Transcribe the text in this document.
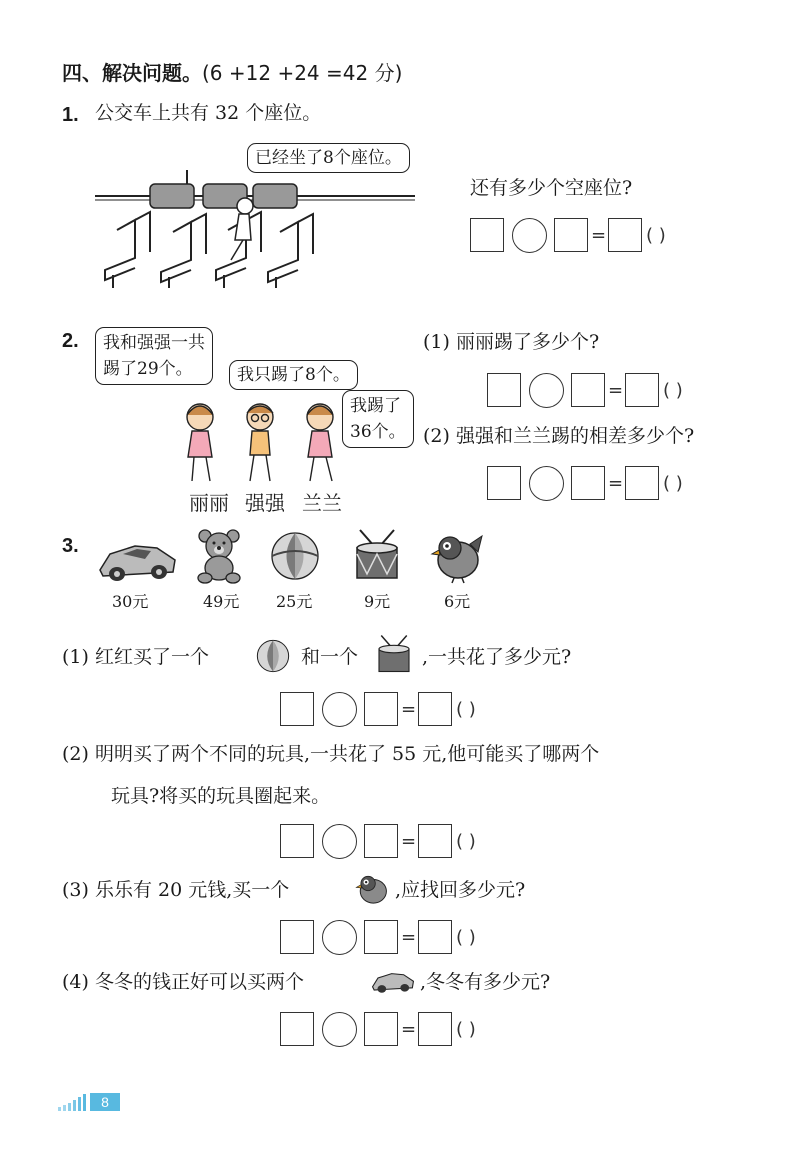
四、解决问题。(6 +12 +24 =42 分)
1. 公交车上共有 32 个座位。
已经坐了8个座位。
还有多少个空座位?
= ( )
2. 我和强强一共
踢了29个。	我只踢了8个。
我踢了
36个。
丽丽 强强 兰兰
(1) 丽丽踢了多少个?
= ( )
(2) 强强和兰兰踢的相差多少个?
= ( )
3.
30元	49元 25元	9元	6元
(1) 红红买了一个	和一个	,一共花了多少元?
= ( )
(2) 明明买了两个不同的玩具,一共花了 55 元,他可能买了哪两个
玩具?将买的玩具圈起来。
= ( )
(3) 乐乐有 20 元钱,买一个	,应找回多少元?
= ( )
(4) 冬冬的钱正好可以买两个	,冬冬有多少元?
= ( )
8
